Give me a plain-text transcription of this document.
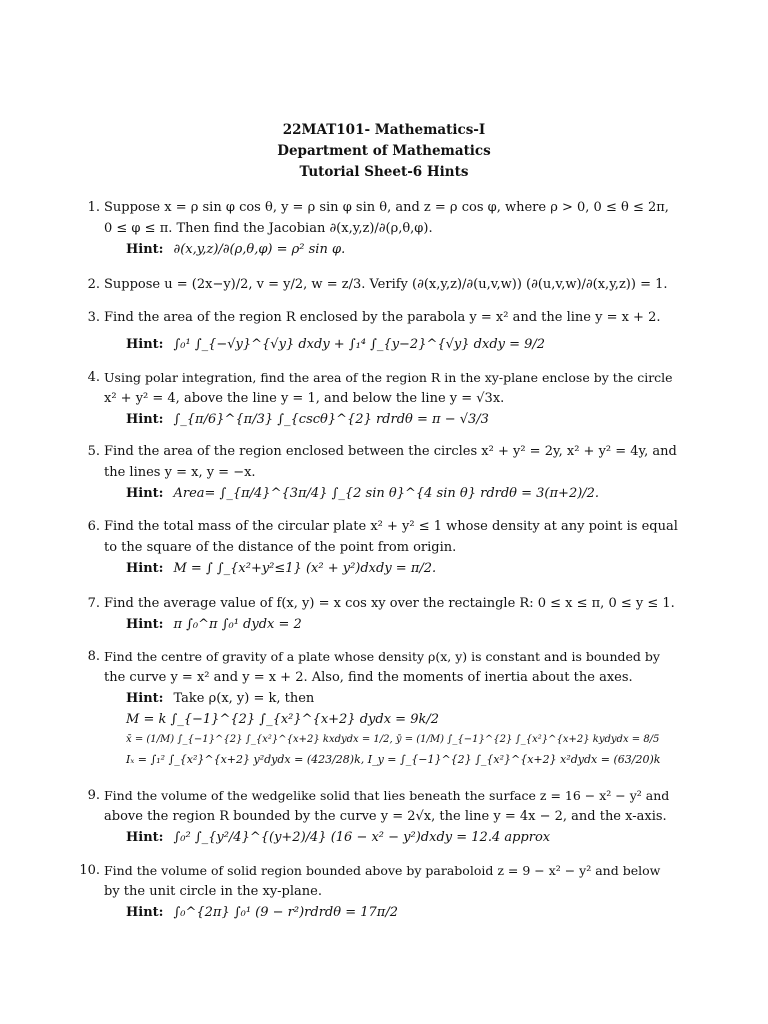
22MAT101- Mathematics-I
Department of Mathematics
Tutorial Sheet-6 Hints
1. Suppose x = ρ sin φ cos θ, y = ρ sin φ sin θ, and z = ρ cos φ, where ρ > 0, 0 ≤ θ ≤ 2π,
0 ≤ φ ≤ π. Then find the Jacobian ∂(x,y,z)/∂(ρ,θ,φ).
Hint: ∂(x,y,z)/∂(ρ,θ,φ) = ρ² sin φ.
2. Suppose u = (2x−y)/2, v = y/2, w = z/3. Verify (∂(x,y,z)/∂(u,v,w)) (∂(u,v,w)/∂(x,y,z)) = 1.
3. Find the area of the region R enclosed by the parabola y = x² and the line y = x + 2.
Hint: ∫₀¹ ∫_{−√y}^{√y} dxdy + ∫₁⁴ ∫_{y−2}^{√y} dxdy = 9/2
4. Using polar integration, find the area of the region R in the xy-plane enclose by the circle
x² + y² = 4, above the line y = 1, and below the line y = √3x.
Hint: ∫_{π/6}^{π/3} ∫_{cscθ}^{2} rdrdθ = π − √3/3
5. Find the area of the region enclosed between the circles x² + y² = 2y, x² + y² = 4y, and
the lines y = x, y = −x.
Hint: Area= ∫_{π/4}^{3π/4} ∫_{2 sin θ}^{4 sin θ} rdrdθ = 3(π+2)/2.
6. Find the total mass of the circular plate x² + y² ≤ 1 whose density at any point is equal
to the square of the distance of the point from origin.
Hint: M = ∫ ∫_{x²+y²≤1} (x² + y²)dxdy = π/2.
7. Find the average value of f(x, y) = x cos xy over the rectaingle R: 0 ≤ x ≤ π, 0 ≤ y ≤ 1.
Hint: π ∫₀^π ∫₀¹ dydx = 2
8. Find the centre of gravity of a plate whose density ρ(x, y) is constant and is bounded by
the curve y = x² and y = x + 2. Also, find the moments of inertia about the axes.
Hint: Take ρ(x, y) = k, then
M = k ∫_{−1}^{2} ∫_{x²}^{x+2} dydx = 9k/2
x̄ = (1/M) ∫_{−1}^{2} ∫_{x²}^{x+2} kxdydx = 1/2, ȳ = (1/M) ∫_{−1}^{2} ∫_{x²}^{x+2} kydydx = 8/5
Iₓ = ∫₁² ∫_{x²}^{x+2} y²dydx = (423/28)k, I_y = ∫_{−1}^{2} ∫_{x²}^{x+2} x²dydx = (63/20)k
9. Find the volume of the wedgelike solid that lies beneath the surface z = 16 − x² − y² and
above the region R bounded by the curve y = 2√x, the line y = 4x − 2, and the x-axis.
Hint: ∫₀² ∫_{y²/4}^{(y+2)/4} (16 − x² − y²)dxdy = 12.4 approx
10. Find the volume of solid region bounded above by paraboloid z = 9 − x² − y² and below
by the unit circle in the xy-plane.
Hint: ∫₀^{2π} ∫₀¹ (9 − r²)rdrdθ = 17π/2
